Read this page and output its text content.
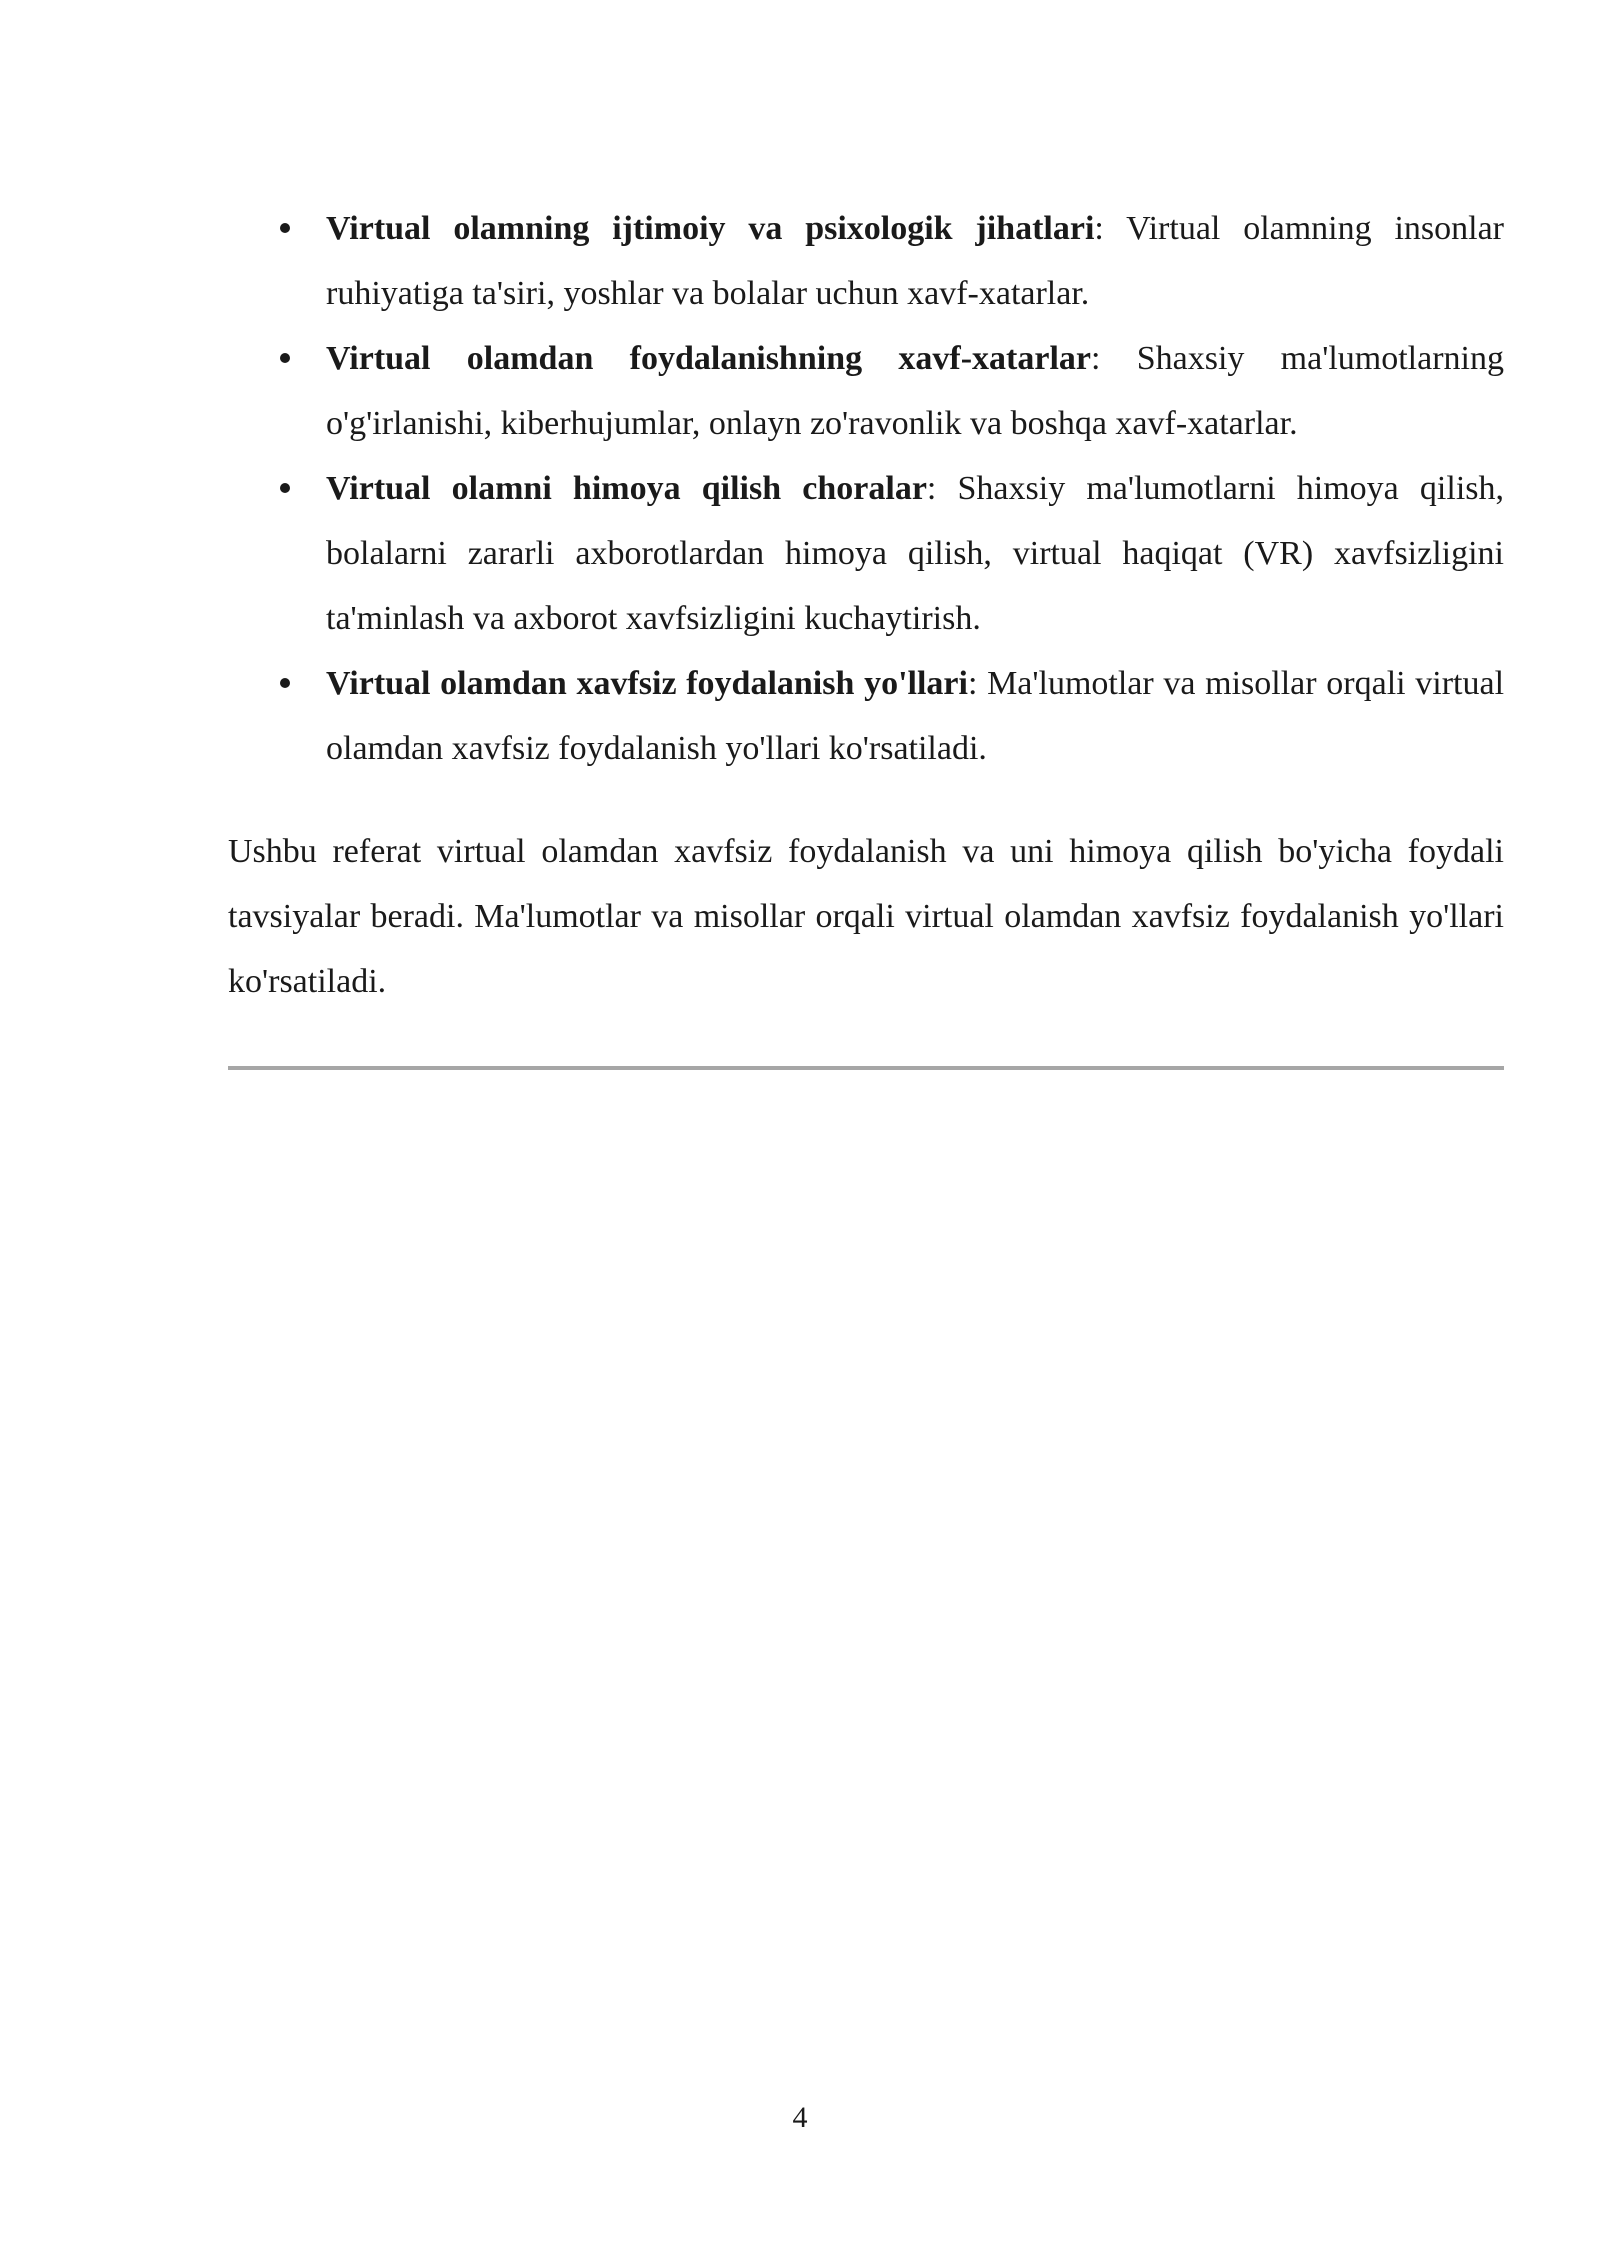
Virtual olamning ijtimoiy va psixologik jihatlari: Virtual olamning insonlar ruhiyatiga ta'siri, yoshlar va bolalar uchun xavf-xatarlar.
Virtual olamdan foydalanishning xavf-xatarlar: Shaxsiy ma'lumotlarning o'g'irlanishi, kiberhujumlar, onlayn zo'ravonlik va boshqa xavf-xatarlar.
Virtual olamni himoya qilish choralar: Shaxsiy ma'lumotlarni himoya qilish, bolalarni zararli axborotlardan himoya qilish, virtual haqiqat (VR) xavfsizligini ta'minlash va axborot xavfsizligini kuchaytirish.
Virtual olamdan xavfsiz foydalanish yo'llari: Ma'lumotlar va misollar orqali virtual olamdan xavfsiz foydalanish yo'llari ko'rsatiladi.

Ushbu referat virtual olamdan xavfsiz foydalanish va uni himoya qilish bo'yicha foydali tavsiyalar beradi. Ma'lumotlar va misollar orqali virtual olamdan xavfsiz foydalanish yo'llari ko'rsatiladi.

4
